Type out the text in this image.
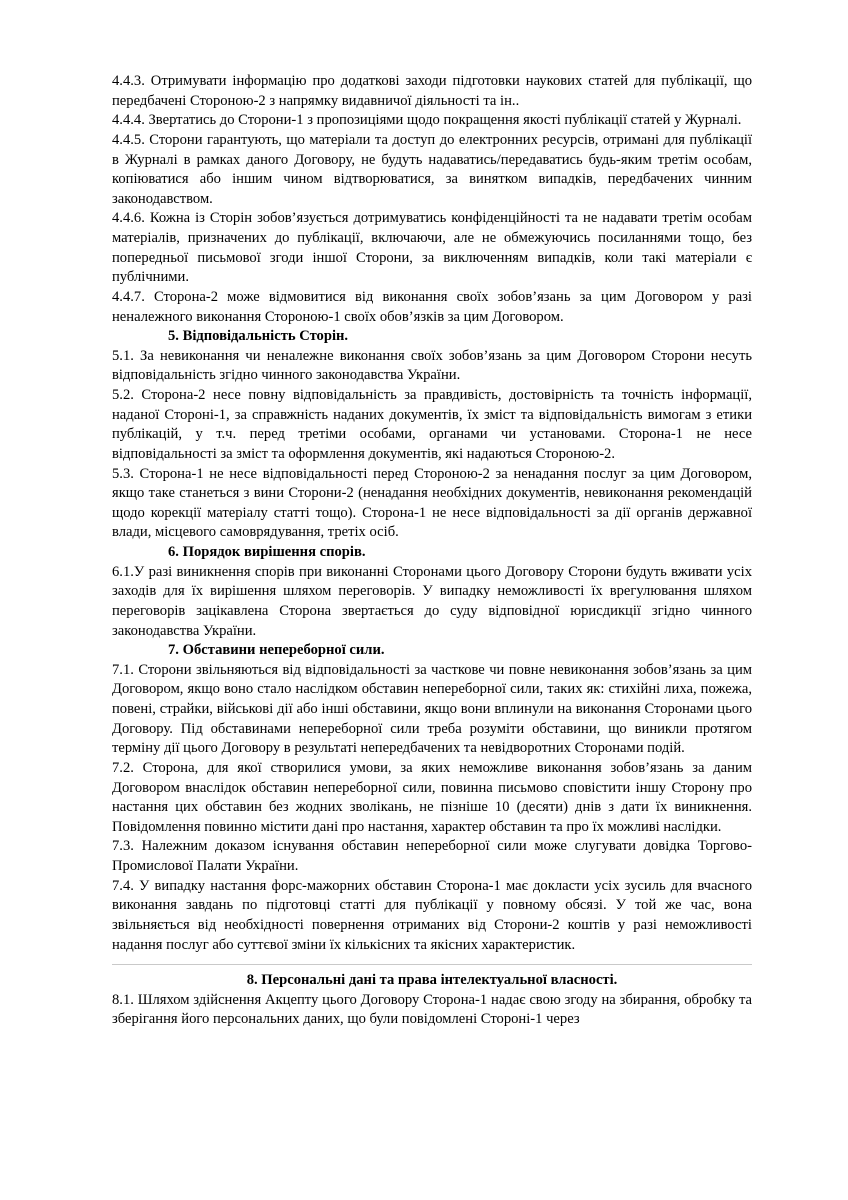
4.4.3. Отримувати інформацію про додаткові заходи підготовки наукових статей для публікації, що передбачені Стороною-2 з напрямку видавничої діяльності та ін..

4.4.4. Звертатись до Сторони-1 з пропозиціями щодо покращення якості публікації статей у Журналі.

4.4.5. Сторони гарантують, що матеріали та доступ до електронних ресурсів, отримані для публікації в Журналі в рамках даного Договору, не будуть надаватись/передаватись будь-яким третім особам, копіюватися або іншим чином відтворюватися, за винятком випадків, передбачених чинним законодавством.

4.4.6. Кожна із Сторін зобов’язується дотримуватись конфіденційності та не надавати третім особам матеріалів, призначених до публікації, включаючи, але не обмежуючись посиланнями тощо, без попередньої письмової згоди іншої Сторони, за виключенням випадків, коли такі матеріали є публічними.

4.4.7. Сторона-2 може відмовитися від виконання своїх зобов’язань за цим Договором у разі неналежного виконання Стороною-1 своїх обов’язків за цим Договором.

5. Відповідальність Сторін.

5.1. За невиконання чи неналежне виконання своїх зобов’язань за цим Договором Сторони несуть відповідальність згідно чинного законодавства України.

5.2. Сторона-2 несе повну відповідальність за правдивість, достовірність та точність інформації, наданої Стороні-1, за справжність наданих документів, їх зміст та відповідальність вимогам з етики публікацій, у т.ч. перед третіми особами, органами чи установами. Сторона-1 не несе відповідальності за зміст та оформлення документів, які надаються Стороною-2.

5.3. Сторона-1 не несе відповідальності перед Стороною-2 за ненадання послуг за цим Договором, якщо таке станеться з вини Сторони-2 (ненадання необхідних документів, невиконання рекомендацій щодо корекції матеріалу статті тощо). Сторона-1 не несе відповідальності за дії органів державної влади, місцевого самоврядування, третіх осіб.

6. Порядок вирішення спорів.

6.1.У разі виникнення спорів при виконанні Сторонами цього Договору Сторони будуть вживати усіх заходів для їх вирішення шляхом переговорів. У випадку неможливості їх врегулювання шляхом переговорів зацікавлена Сторона звертається до суду відповідної юрисдикції згідно чинного законодавства України.

7. Обставини непереборної сили.

7.1. Сторони звільняються від відповідальності за часткове чи повне невиконання зобов’язань за цим Договором, якщо воно стало наслідком обставин непереборної сили, таких як: стихійні лиха, пожежа, повені, страйки, військові дії або інші обставини, якщо вони вплинули на виконання Сторонами цього Договору. Під обставинами непереборної сили треба розуміти обставини, що виникли протягом терміну дії цього Договору в результаті непередбачених та невідворотних Сторонами подій.

7.2. Сторона, для якої створилися умови, за яких неможливе виконання зобов’язань за даним Договором внаслідок обставин непереборної сили, повинна письмово сповістити іншу Сторону про настання цих обставин без жодних зволікань, не пізніше 10 (десяти) днів з дати їх виникнення. Повідомлення повинно містити дані про настання, характер обставин та про їх можливі наслідки.

7.3. Належним доказом існування обставин непереборної сили може слугувати довідка Торгово-Промислової Палати України.

7.4. У випадку настання форс-мажорних обставин Сторона-1 має докласти усіх зусиль для вчасного виконання завдань по підготовці статті для публікації у повному обсязі. У той же час, вона звільняється від необхідності повернення отриманих від Сторони-2 коштів у разі неможливості надання послуг або суттєвої зміни їх кількісних та якісних характеристик.

8. Персональні дані та права інтелектуальної власності.

8.1. Шляхом здійснення Акцепту цього Договору Сторона-1 надає свою згоду на збирання, обробку та зберігання його персональних даних, що були повідомлені Стороні-1 через
